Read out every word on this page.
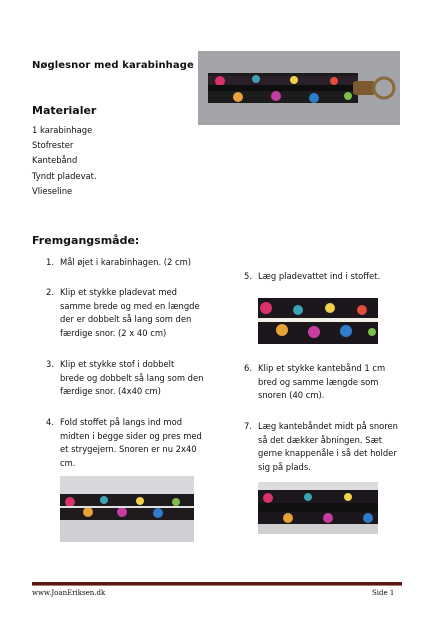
Nøglesnor med karabinhage
Materialer
1 karabinhage
Stofrester
Kantebånd
Tyndt pladevat.
Vlieseline
Fremgangsmåde:
1. Mål øjet i karabinhagen. (2 cm)
2. Klip et stykke pladevat med
samme brede og med en længde
der er dobbelt så lang som den
færdige snor. (2 x 40 cm)
3. Klip et stykke stof i dobbelt
brede og dobbelt så lang som den
færdige snor. (4x40 cm)
4. Fold stoffet på langs ind mod
midten i begge sider og pres med
et strygejern. Snoren er nu 2x40
cm.
5. Læg pladevattet ind i stoffet.
6. Klip et stykke kantebånd 1 cm
bred og samme længde som
snoren (40 cm).
7. Læg kantebåndet midt på snoren
så det dækker åbningen. Sæt
gerne knappenåle i så det holder
sig på plads.
www.JoanEriksen.dk	Side 1
